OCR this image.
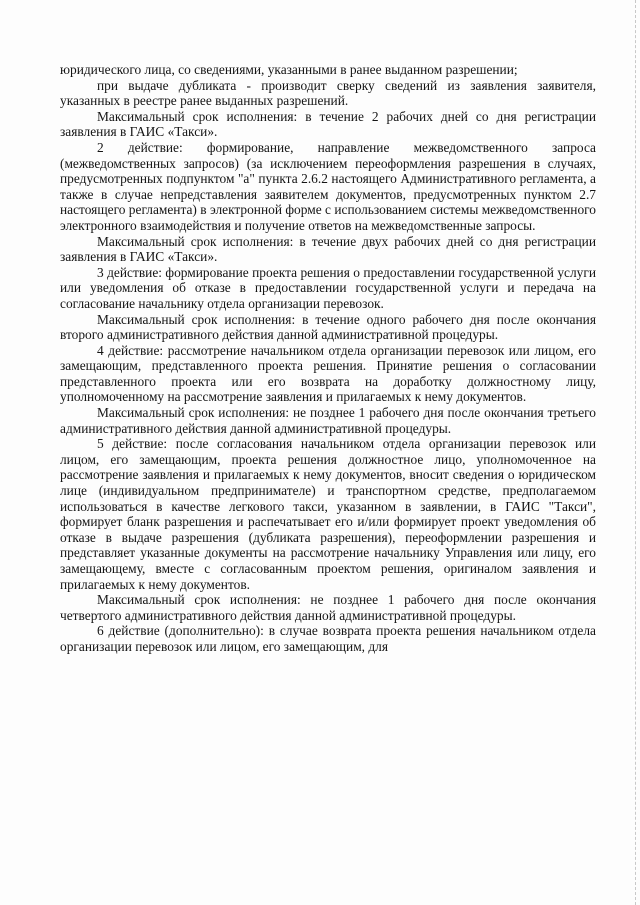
юридического лица, со сведениями, указанными в ранее выданном разрешении;

при выдаче дубликата - производит сверку сведений из заявления заявителя, указанных в реестре ранее выданных разрешений.

Максимальный срок исполнения: в течение 2 рабочих дней со дня регистрации заявления в ГАИС «Такси».

2 действие: формирование, направление межведомственного запроса (межведомственных запросов) (за исключением переоформления разрешения в случаях, предусмотренных подпунктом "а" пункта 2.6.2 настоящего Административного регламента, а также в случае непредставления заявителем документов, предусмотренных пунктом 2.7 настоящего регламента) в электронной форме с использованием системы межведомственного электронного взаимодействия и получение ответов на межведомственные запросы.

Максимальный срок исполнения: в течение двух рабочих дней со дня регистрации заявления в ГАИС «Такси».

3 действие: формирование проекта решения о предоставлении государственной услуги или уведомления об отказе в предоставлении государственной услуги и передача на согласование начальнику отдела организации перевозок.

Максимальный срок исполнения: в течение одного рабочего дня после окончания второго административного действия данной административной процедуры.

4 действие: рассмотрение начальником отдела организации перевозок или лицом, его замещающим, представленного проекта решения. Принятие решения о согласовании представленного проекта или его возврата на доработку должностному лицу, уполномоченному на рассмотрение заявления и прилагаемых к нему документов.

Максимальный срок исполнения: не позднее 1 рабочего дня после окончания третьего административного действия данной административной процедуры.

5 действие: после согласования начальником отдела организации перевозок или лицом, его замещающим, проекта решения должностное лицо, уполномоченное на рассмотрение заявления и прилагаемых к нему документов, вносит сведения о юридическом лице (индивидуальном предпринимателе) и транспортном средстве, предполагаемом использоваться в качестве легкового такси, указанном в заявлении, в ГАИС "Такси", формирует бланк разрешения и распечатывает его и/или формирует проект уведомления об отказе в выдаче разрешения (дубликата разрешения), переоформлении разрешения и представляет указанные документы на рассмотрение начальнику Управления или лицу, его замещающему, вместе с согласованным проектом решения, оригиналом заявления и прилагаемых к нему документов.

Максимальный срок исполнения: не позднее 1 рабочего дня после окончания четвертого административного действия данной административной процедуры.

6 действие (дополнительно): в случае возврата проекта решения начальником отдела организации перевозок или лицом, его замещающим, для
